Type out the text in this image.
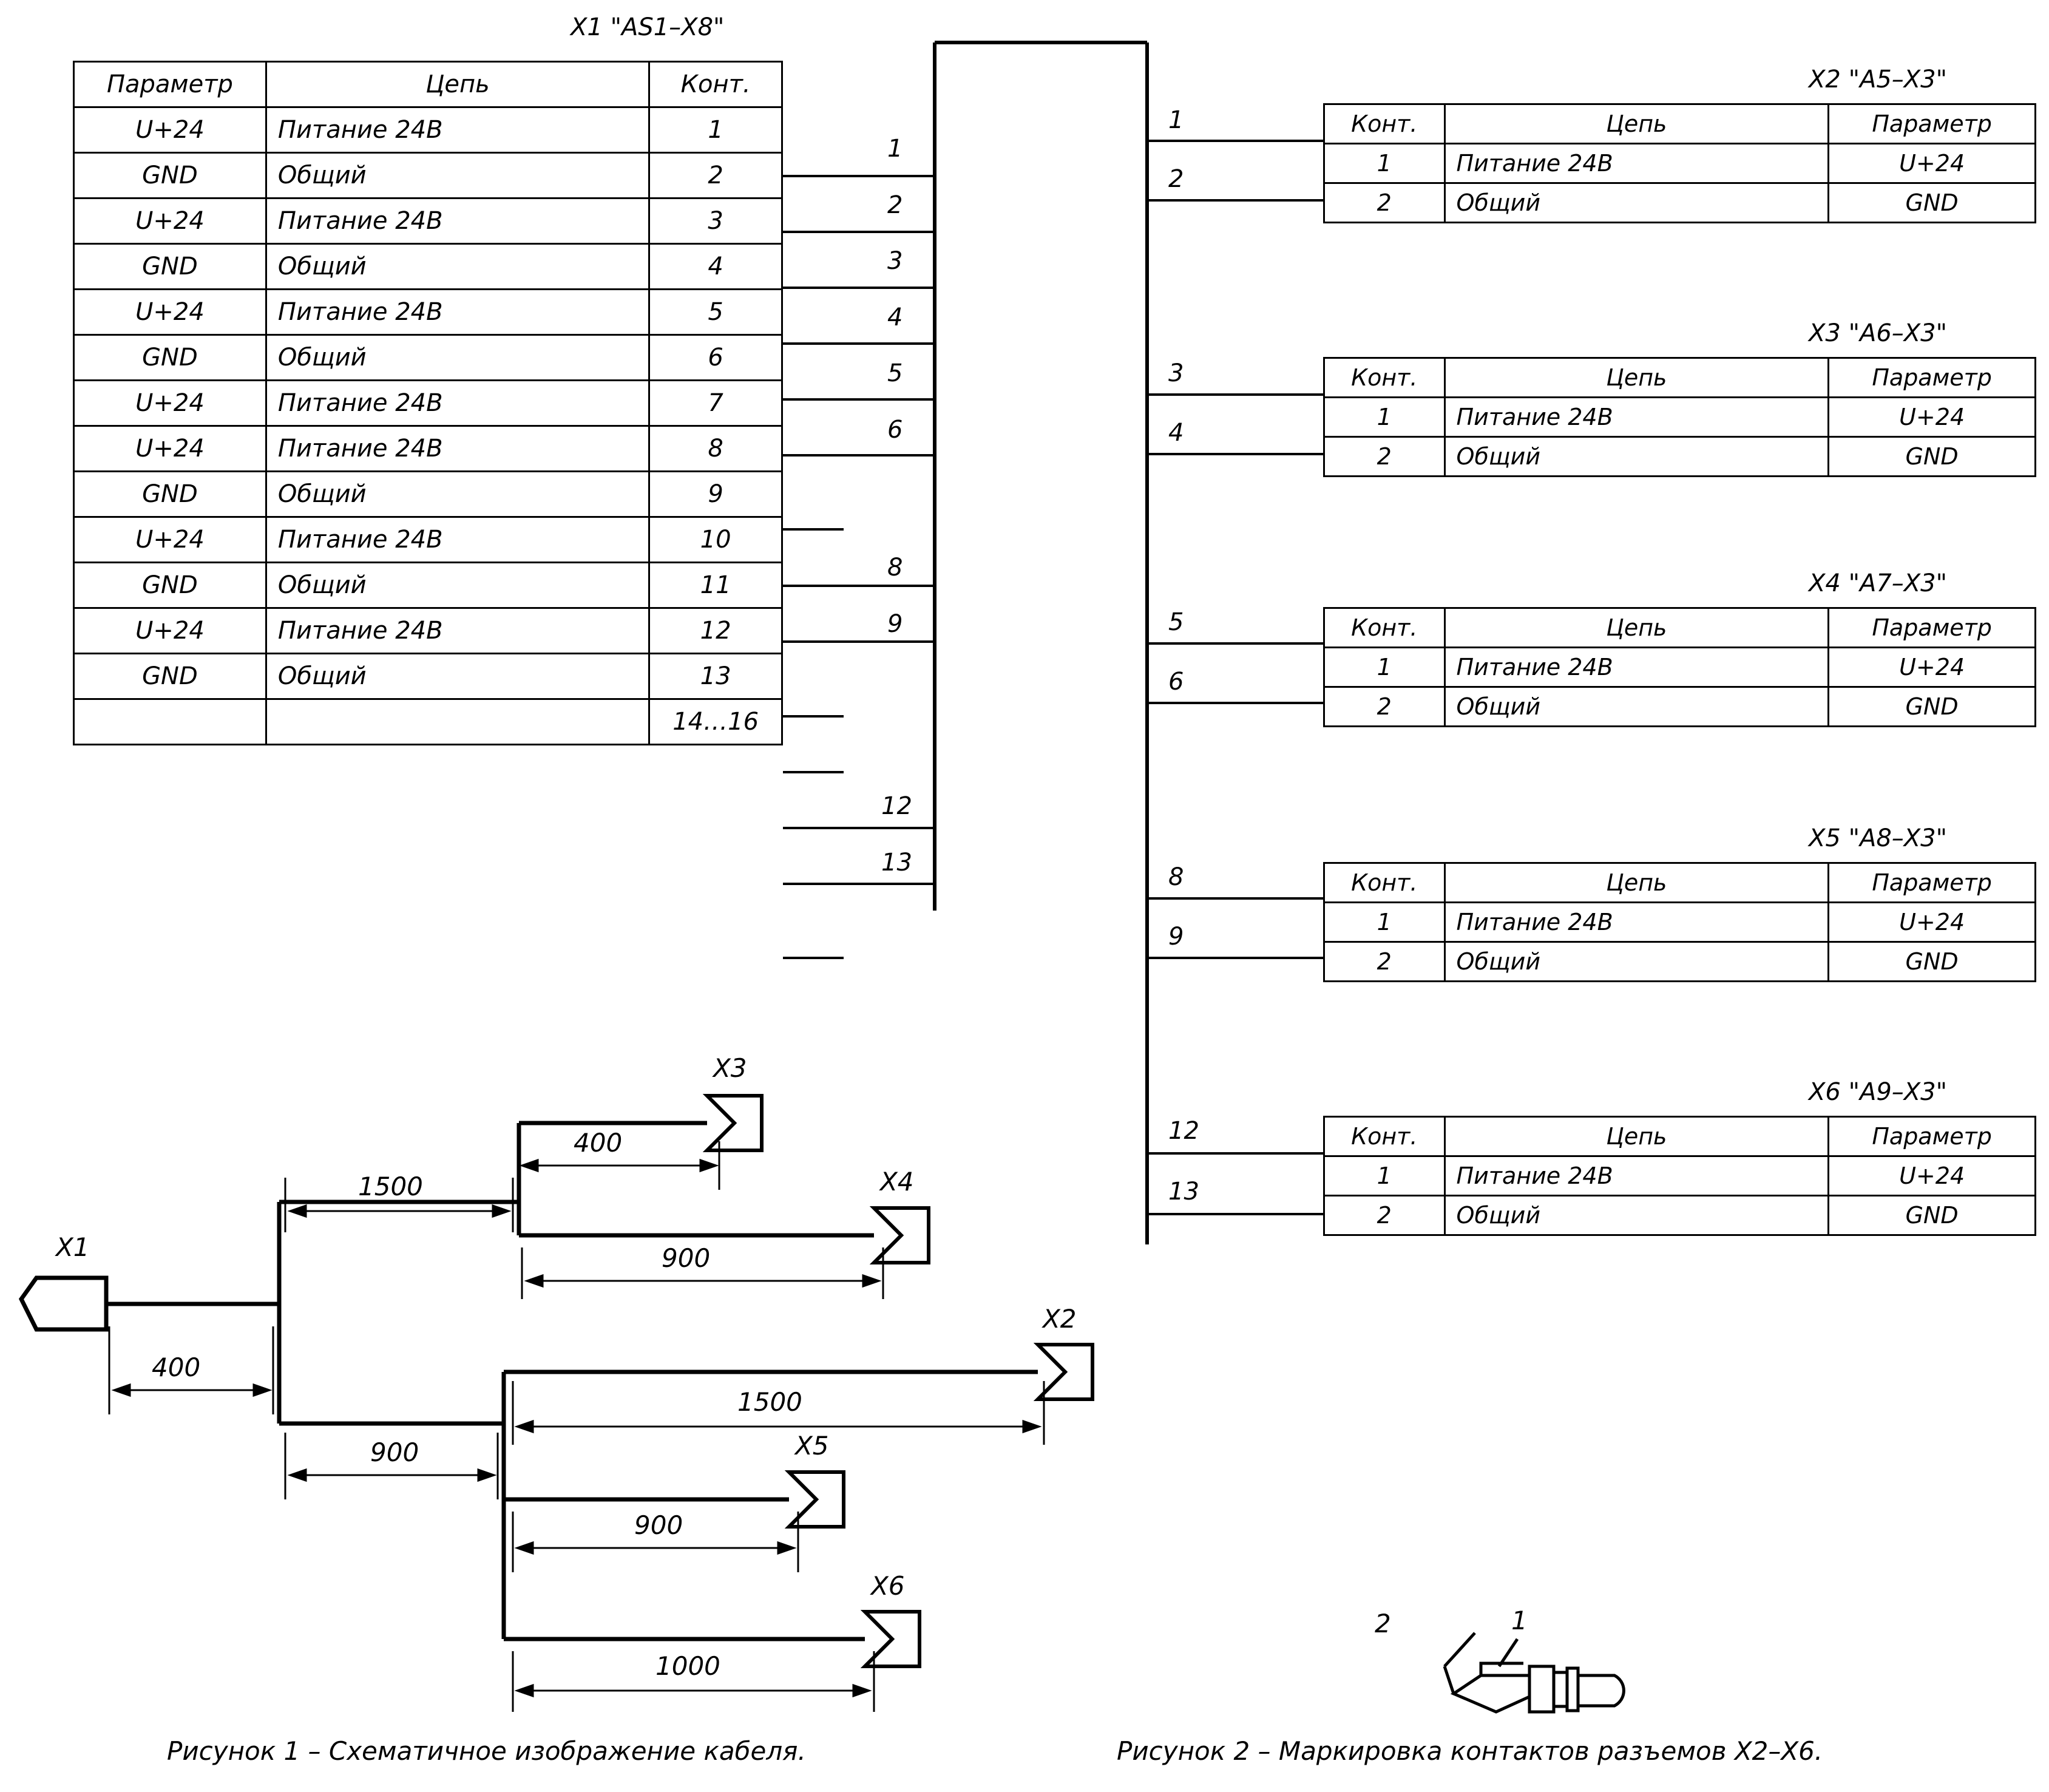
X1 "AS1–X8"
Параметр	Цепь	Конт.
U+24	Питание 24В	1
GND	Общий	2
U+24	Питание 24В	3
GND	Общий	4
U+24	Питание 24В	5
GND	Общий	6
U+24	Питание 24В	7
U+24	Питание 24В	8
GND	Общий	9
U+24	Питание 24В	10
GND	Общий	11
U+24	Питание 24В	12
GND	Общий	13
		14…16
X2 "A5–X3"
Конт.	Цепь	Параметр
1	Питание 24В	U+24
2	Общий	GND
X3 "A6–X3"
Конт.	Цепь	Параметр
1	Питание 24В	U+24
2	Общий	GND
X4 "A7–X3"
Конт.	Цепь	Параметр
1	Питание 24В	U+24
2	Общий	GND
X5 "A8–X3"
Конт.	Цепь	Параметр
1	Питание 24В	U+24
2	Общий	GND
X6 "A9–X3"
Конт.	Цепь	Параметр
1	Питание 24В	U+24
2	Общий	GND
1
2
3
4
5
6
8
9
12
13
1
2
3
4
5
6
8
9
12
13
X1
X3
X4
X2
X5
X6
400
1500
400
900
900
1500
900
1000
2	1
Рисунок 1 – Схематичное изображение кабеля.	Рисунок 2 – Маркировка контактов разъемов X2–X6.
